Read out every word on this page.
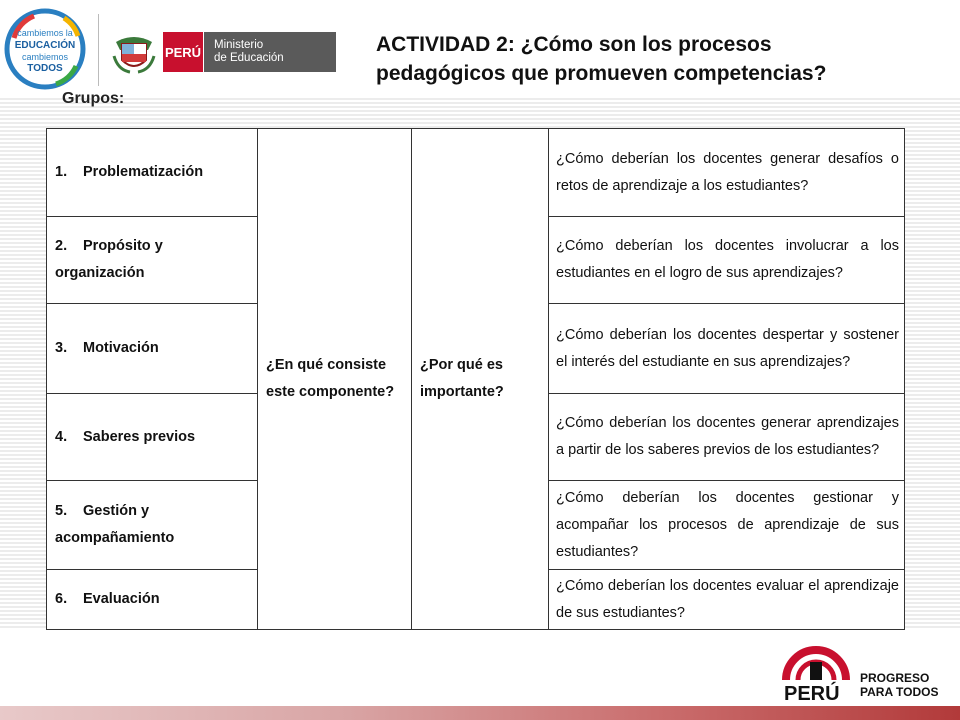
cambiemos la
EDUCACIÓN
cambiemos
TODOS
PERÚ Ministerio
de Educación
ACTIVIDAD 2: ¿Cómo son los procesos
pedagógicos que promueven competencias?
Grupos:
1. Problematización	¿En qué consiste este componente?	¿Por qué es importante?	¿Cómo deberían los docentes generar desafíos o retos de aprendizaje a los estudiantes?
2. Propósito y organización			¿Cómo deberían los docentes involucrar a los estudiantes en el logro de sus aprendizajes?
3. Motivación			¿Cómo deberían los docentes despertar y sostener el interés del estudiante en sus aprendizajes?
4. Saberes previos			¿Cómo deberían los docentes generar aprendizajes a partir de los saberes previos de los estudiantes?
5. Gestión y acompañamiento			¿Cómo deberían los docentes gestionar y acompañar los procesos de aprendizaje de sus estudiantes?
6. Evaluación			¿Cómo deberían los docentes evaluar el aprendizaje de sus estudiantes?
PERÚ
PROGRESO
PARA TODOS
